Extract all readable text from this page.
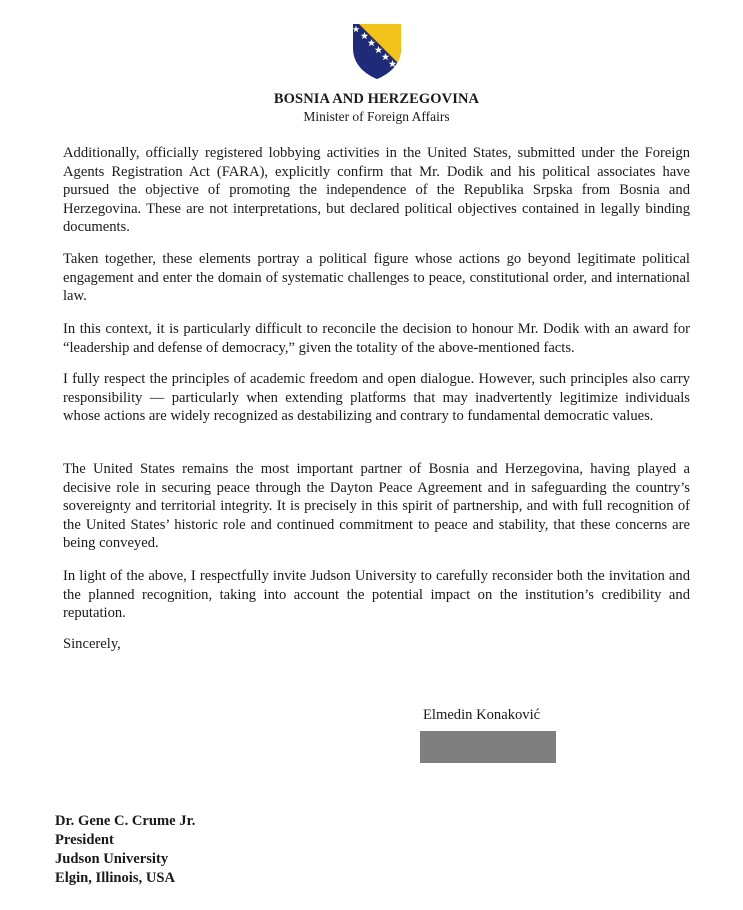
BOSNIA AND HERZEGOVINA
Minister of Foreign Affairs

Additionally, officially registered lobbying activities in the United States, submitted under the Foreign Agents Registration Act (FARA), explicitly confirm that Mr. Dodik and his political associates have pursued the objective of promoting the independence of the Republika Srpska from Bosnia and Herzegovina. These are not interpretations, but declared political objectives contained in legally binding documents.

Taken together, these elements portray a political figure whose actions go beyond legitimate political engagement and enter the domain of systematic challenges to peace, constitutional order, and international law.

In this context, it is particularly difficult to reconcile the decision to honour Mr. Dodik with an award for “leadership and defense of democracy,” given the totality of the above-mentioned facts.

I fully respect the principles of academic freedom and open dialogue. However, such principles also carry responsibility — particularly when extending platforms that may inadvertently legitimize individuals whose actions are widely recognized as destabilizing and contrary to fundamental democratic values.

The United States remains the most important partner of Bosnia and Herzegovina, having played a decisive role in securing peace through the Dayton Peace Agreement and in safeguarding the country’s sovereignty and territorial integrity. It is precisely in this spirit of partnership, and with full recognition of the United States’ historic role and continued commitment to peace and stability, that these concerns are being conveyed.

In light of the above, I respectfully invite Judson University to carefully reconsider both the invitation and the planned recognition, taking into account the potential impact on the institution’s credibility and reputation.

Sincerely,
Elmedin Konaković
Dr. Gene C. Crume Jr.
President
Judson University
Elgin, Illinois, USA
